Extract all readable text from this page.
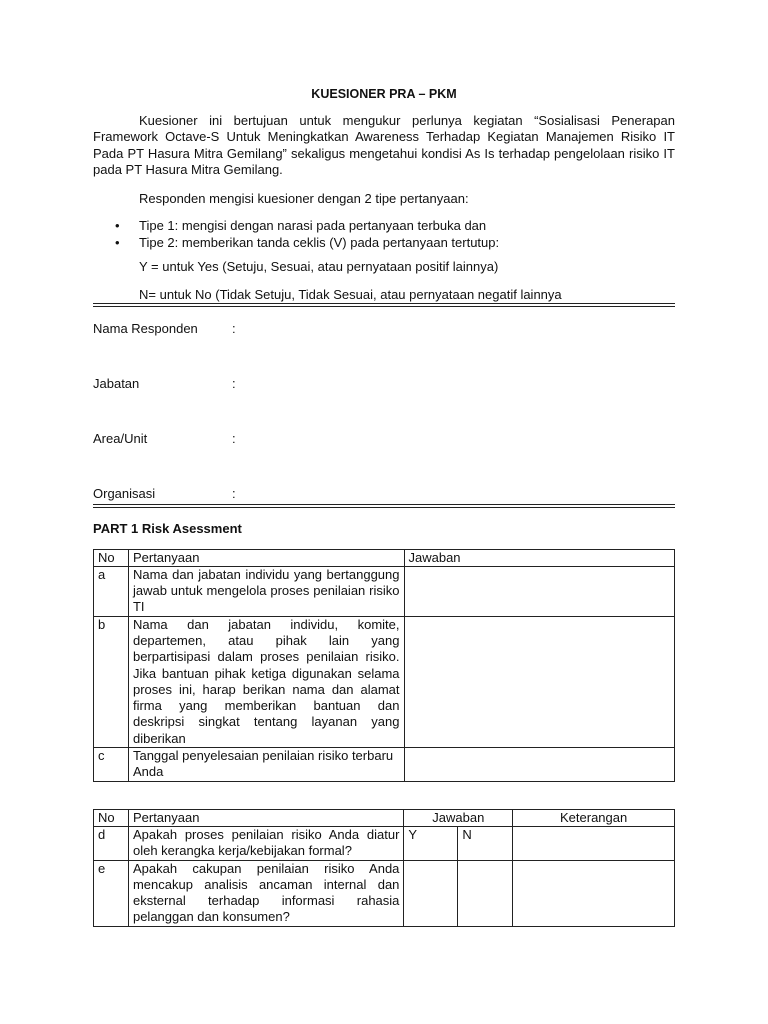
KUESIONER PRA – PKM

Kuesioner ini bertujuan untuk mengukur perlunya kegiatan “Sosialisasi Penerapan Framework Octave-S Untuk Meningkatkan Awareness Terhadap Kegiatan Manajemen Risiko IT Pada PT Hasura Mitra Gemilang” sekaligus mengetahui kondisi As Is terhadap pengelolaan risiko IT pada PT Hasura Mitra Gemilang.

Responden mengisi kuesioner dengan 2 tipe pertanyaan:
• Tipe 1: mengisi dengan narasi pada pertanyaan terbuka dan
• Tipe 2: memberikan tanda ceklis (V) pada pertanyaan tertutup:
Y = untuk Yes (Setuju, Sesuai, atau pernyataan positif lainnya)
N= untuk No (Tidak Setuju, Tidak Sesuai, atau pernyataan negatif lainnya
Nama Responden	:
Jabatan	:
Area/Unit	:
Organisasi	:
PART 1 Risk Asessment
No	Pertanyaan	Jawaban
a	Nama dan jabatan individu yang bertanggung jawab untuk mengelola proses penilaian risiko TI	
b	Nama dan jabatan individu, komite, departemen, atau pihak lain yang berpartisipasi dalam proses penilaian risiko. Jika bantuan pihak ketiga digunakan selama proses ini, harap berikan nama dan alamat firma yang memberikan bantuan dan deskripsi singkat tentang layanan yang diberikan	
c	Tanggal penyelesaian penilaian risiko terbaru Anda	
No	Pertanyaan	Jawaban		Keterangan
d	Apakah proses penilaian risiko Anda diatur oleh kerangka kerja/kebijakan formal?	Y	N	
e	Apakah cakupan penilaian risiko Anda mencakup analisis ancaman internal dan eksternal terhadap informasi rahasia pelanggan dan konsumen?			
